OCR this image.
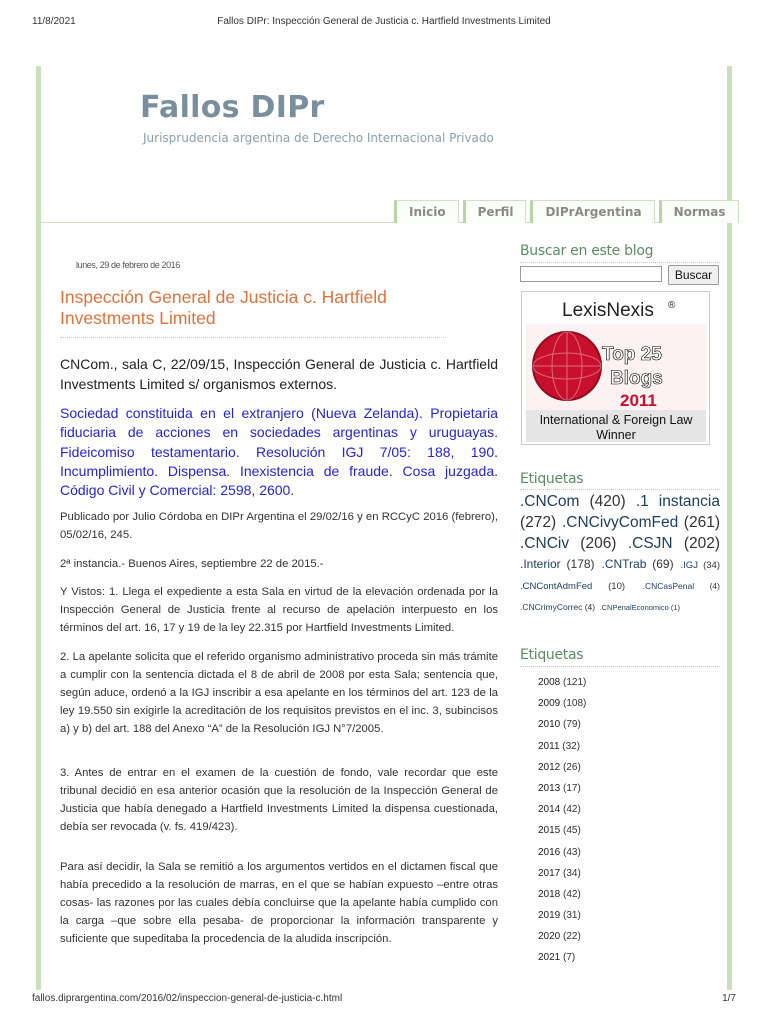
11/8/2021	Fallos DIPr: Inspección General de Justicia c. Hartfield Investments Limited
Fallos DIPr
Jurisprudencia argentina de Derecho Internacional Privado
Inicio	Perfil	DIPrArgentina	Normas
lunes, 29 de febrero de 2016
Inspección General de Justicia c. Hartfield Investments Limited
CNCom., sala C, 22/09/15, Inspección General de Justicia c. Hartfield Investments Limited s/ organismos externos.
Sociedad constituida en el extranjero (Nueva Zelanda). Propietaria fiduciaria de acciones en sociedades argentinas y uruguayas. Fideicomiso testamentario. Resolución IGJ 7/05: 188, 190. Incumplimiento. Dispensa. Inexistencia de fraude. Cosa juzgada. Código Civil y Comercial: 2598, 2600.
Publicado por Julio Córdoba en DIPr Argentina el 29/02/16 y en RCCyC 2016 (febrero), 05/02/16, 245.
2ª instancia.- Buenos Aires, septiembre 22 de 2015.-
Y Vistos: 1. Llega el expediente a esta Sala en virtud de la elevación ordenada por la Inspección General de Justicia frente al recurso de apelación interpuesto en los términos del art. 16, 17 y 19 de la ley 22.315 por Hartfield Investments Limited.
2. La apelante solicita que el referido organismo administrativo proceda sin más trámite a cumplir con la sentencia dictada el 8 de abril de 2008 por esta Sala; sentencia que, según aduce, ordenó a la IGJ inscribir a esa apelante en los términos del art. 123 de la ley 19.550 sin exigirle la acreditación de los requisitos previstos en el inc. 3, subincisos a) y b) del art. 188 del Anexo “A” de la Resolución IGJ N°7/2005.
3. Antes de entrar en el examen de la cuestión de fondo, vale recordar que este tribunal decidió en esa anterior ocasión que la resolución de la Inspección General de Justicia que había denegado a Hartfield Investments Limited la dispensa cuestionada, debía ser revocada (v. fs. 419/423).
Para así decidir, la Sala se remitió a los argumentos vertidos en el dictamen fiscal que había precedido a la resolución de marras, en el que se habían expuesto –entre otras cosas- las razones por las cuales debía concluirse que la apelante había cumplido con la carga –que sobre ella pesaba- de proporcionar la información transparente y suficiente que supeditaba la procedencia de la aludida inscripción.
Buscar en este blog
Buscar
LexisNexis ®
Top 25
Blogs
2011
International & Foreign Law
Winner
Etiquetas
.CNCom (420) .1 instancia (272) .CNCivyComFed (261) .CNCiv (206) .CSJN (202) .Interior (178) .CNTrab (69) .IGJ (34) .CNContAdmFed (10) .CNCasPenal (4) .CNCrimyCorrec (4) .CNPenalEconomico (1)
Etiquetas
2008 (121)
2009 (108)
2010 (79)
2011 (32)
2012 (26)
2013 (17)
2014 (42)
2015 (45)
2016 (43)
2017 (34)
2018 (42)
2019 (31)
2020 (22)
2021 (7)
fallos.diprargentina.com/2016/02/inspeccion-general-de-justicia-c.html	1/7
